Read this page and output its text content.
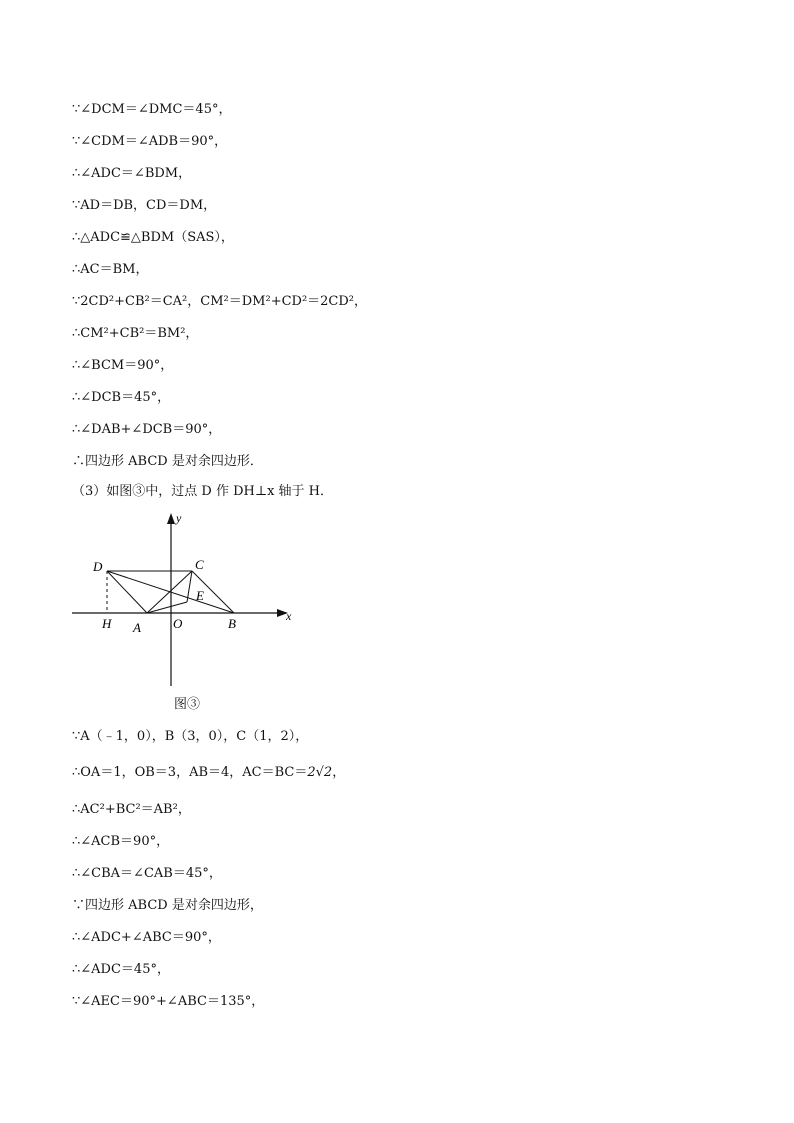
∵∠DCM＝∠DMC＝45°，
∵∠CDM＝∠ADB＝90°，
∴∠ADC＝∠BDM，
∵AD＝DB，CD＝DM，
∴△ADC≌△BDM（SAS），
∴AC＝BM，
∵2CD²+CB²＝CA²，CM²＝DM²+CD²＝2CD²，
∴CM²+CB²＝BM²，
∴∠BCM＝90°，
∴∠DCB＝45°，
∴∠DAB+∠DCB＝90°，
∴四边形 ABCD 是对余四边形．
（3）如图③中，过点 D 作 DH⊥x 轴于 H．
y
x
D	C
E
H A O	B
图③
∵A（﹣1，0），B（3，0），C（1，2），
∴OA＝1，OB＝3，AB＝4，AC＝BC＝2√2，
∴AC²+BC²＝AB²，
∴∠ACB＝90°，
∴∠CBA＝∠CAB＝45°，
∵四边形 ABCD 是对余四边形，
∴∠ADC+∠ABC＝90°，
∴∠ADC＝45°，
∵∠AEC＝90°+∠ABC＝135°，
